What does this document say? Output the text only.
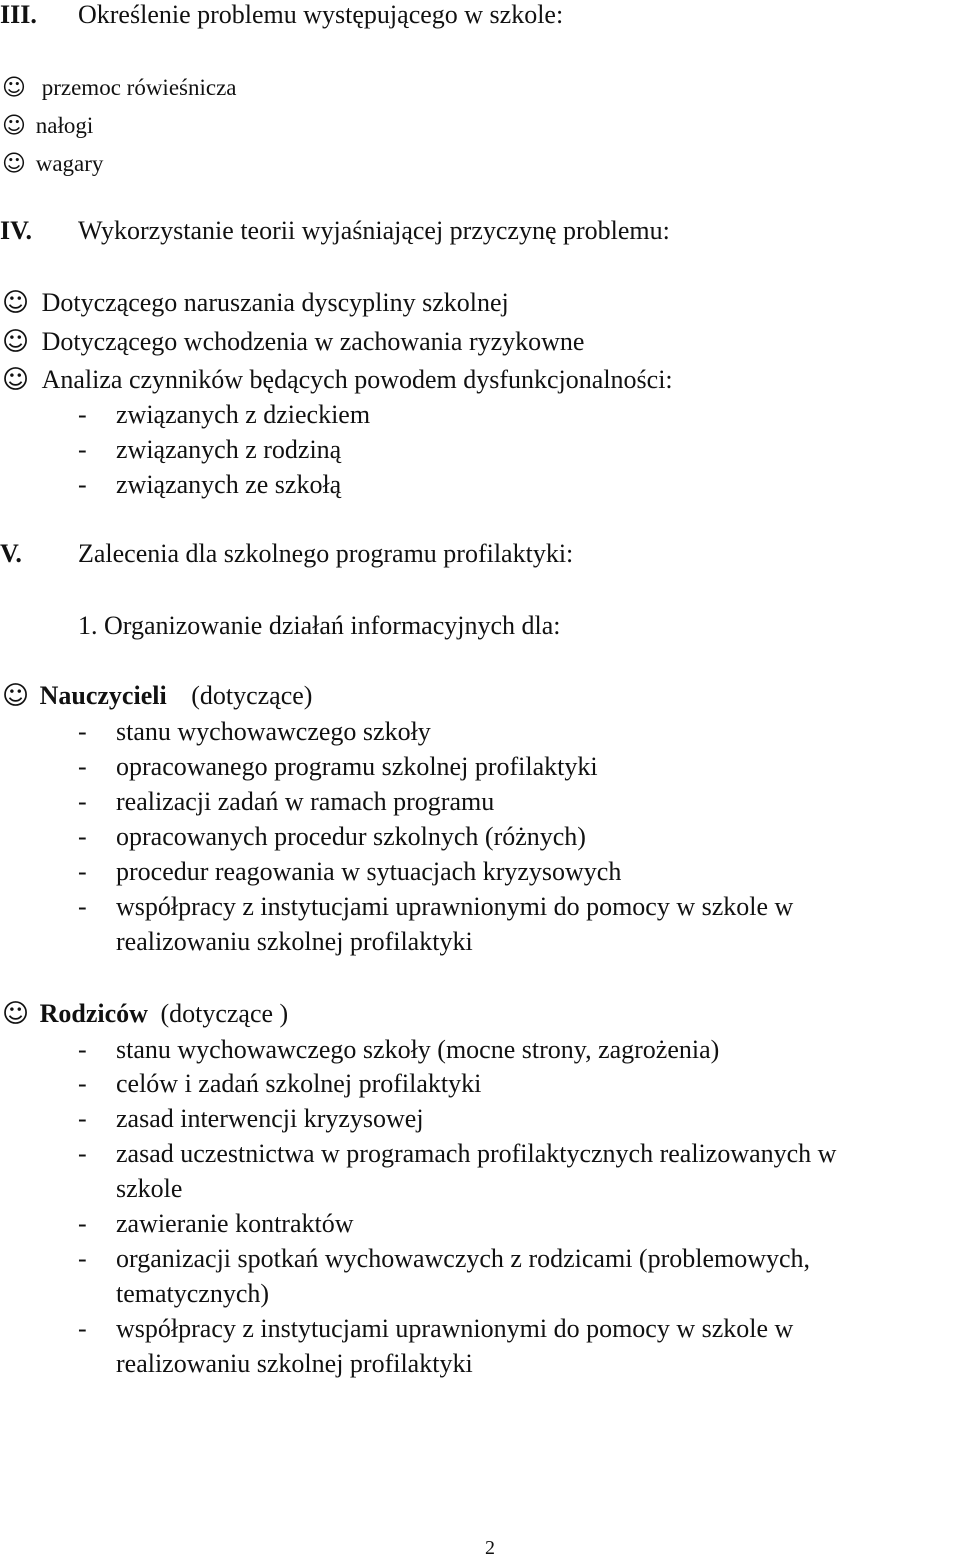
III. Określenie problemu występującego w szkole:
☺ przemoc rówieśnicza
☺ nałogi
☺ wagary
IV. Wykorzystanie teorii wyjaśniającej przyczynę problemu:
☺ Dotyczącego naruszania dyscypliny szkolnej
☺ Dotyczącego wchodzenia w zachowania ryzykowne
☺ Analiza czynników będących powodem dysfunkcjonalności:
- związanych z dzieckiem
- związanych z rodziną
- związanych ze szkołą
V. Zalecenia dla szkolnego programu profilaktyki:
1. Organizowanie działań informacyjnych dla:
☺ Nauczycieli (dotyczące)
- stanu wychowawczego szkoły
- opracowanego programu szkolnej profilaktyki
- realizacji zadań w ramach programu
- opracowanych procedur szkolnych (różnych)
- procedur reagowania w sytuacjach kryzysowych
- współpracy z instytucjami uprawnionymi do pomocy w szkole w
realizowaniu szkolnej profilaktyki
☺ Rodziców (dotyczące )
- stanu wychowawczego szkoły (mocne strony, zagrożenia)
- celów i zadań szkolnej profilaktyki
- zasad interwencji kryzysowej
- zasad uczestnictwa w programach profilaktycznych realizowanych w
szkole
- zawieranie kontraktów
- organizacji spotkań wychowawczych z rodzicami (problemowych,
tematycznych)
- współpracy z instytucjami uprawnionymi do pomocy w szkole w
realizowaniu szkolnej profilaktyki
2
